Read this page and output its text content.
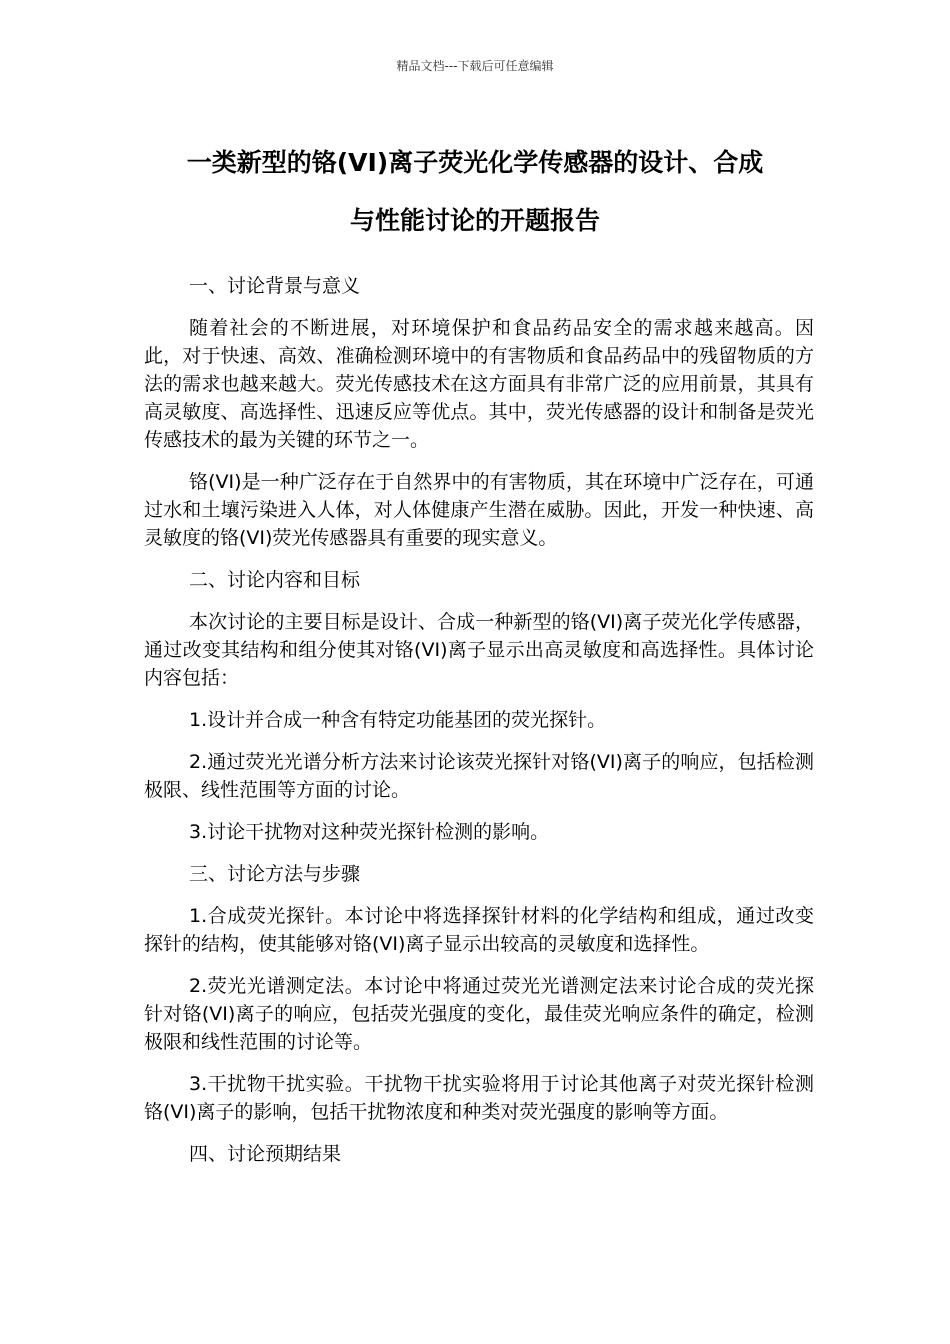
精品文档---下载后可任意编辑
一类新型的铬(VI)离子荧光化学传感器的设计、合成
与性能讨论的开题报告

一、讨论背景与意义

随着社会的不断进展，对环境保护和食品药品安全的需求越来越高。因此，对于快速、高效、准确检测环境中的有害物质和食品药品中的残留物质的方法的需求也越来越大。荧光传感技术在这方面具有非常广泛的应用前景，其具有高灵敏度、高选择性、迅速反应等优点。其中，荧光传感器的设计和制备是荧光传感技术的最为关键的环节之一。

铬(VI)是一种广泛存在于自然界中的有害物质，其在环境中广泛存在，可通过水和土壤污染进入人体，对人体健康产生潜在威胁。因此，开发一种快速、高灵敏度的铬(VI)荧光传感器具有重要的现实意义。

二、讨论内容和目标

本次讨论的主要目标是设计、合成一种新型的铬(VI)离子荧光化学传感器，通过改变其结构和组分使其对铬(VI)离子显示出高灵敏度和高选择性。具体讨论内容包括：

1.设计并合成一种含有特定功能基团的荧光探针。

2.通过荧光光谱分析方法来讨论该荧光探针对铬(VI)离子的响应，包括检测极限、线性范围等方面的讨论。

3.讨论干扰物对这种荧光探针检测的影响。

三、讨论方法与步骤

1.合成荧光探针。本讨论中将选择探针材料的化学结构和组成，通过改变探针的结构，使其能够对铬(VI)离子显示出较高的灵敏度和选择性。

2.荧光光谱测定法。本讨论中将通过荧光光谱测定法来讨论合成的荧光探针对铬(VI)离子的响应，包括荧光强度的变化，最佳荧光响应条件的确定，检测极限和线性范围的讨论等。

3.干扰物干扰实验。干扰物干扰实验将用于讨论其他离子对荧光探针检测铬(VI)离子的影响，包括干扰物浓度和种类对荧光强度的影响等方面。

四、讨论预期结果
